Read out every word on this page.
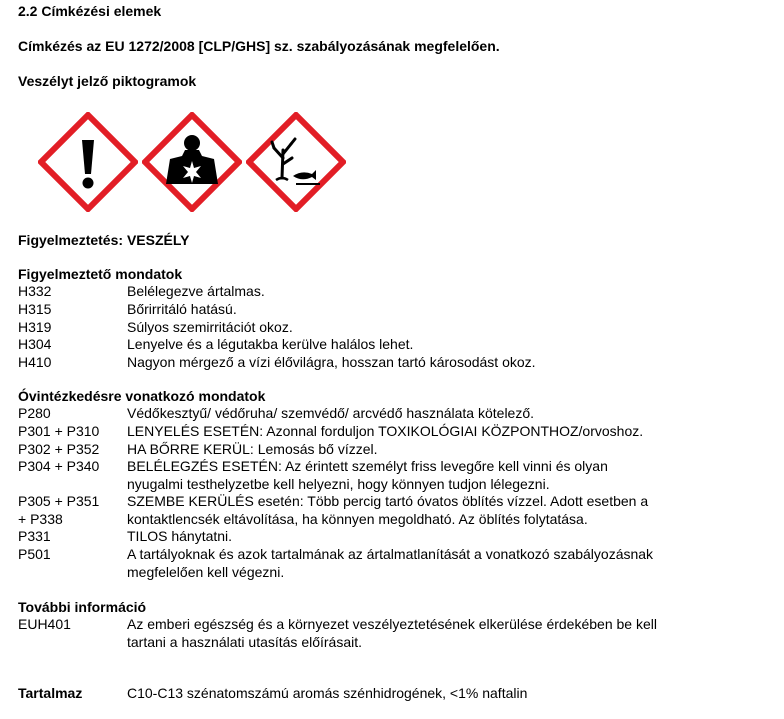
2.2 Címkézési elemek
Címkézés az EU 1272/2008 [CLP/GHS] sz. szabályozásának megfelelően.
Veszélyt jelző piktogramok
Figyelmeztetés: VESZÉLY
Figyelmeztető mondatok
H332	Belélegezve ártalmas.
H315	Bőrirritáló hatású.
H319	Súlyos szemirritációt okoz.
H304	Lenyelve és a légutakba kerülve halálos lehet.
H410	Nagyon mérgező a vízi élővilágra, hosszan tartó károsodást okoz.
Óvintézkedésre vonatkozó mondatok
P280	Védőkesztyű/ védőruha/ szemvédő/ arcvédő használata kötelező.
P301 + P310	LENYELÉS ESETÉN: Azonnal forduljon TOXIKOLÓGIAI KÖZPONTHOZ/orvoshoz.
P302 + P352	HA BŐRRE KERÜL: Lemosás bő vízzel.
P304 + P340	BELÉLEGZÉS ESETÉN: Az érintett személyt friss levegőre kell vinni és olyan
nyugalmi testhelyzetbe kell helyezni, hogy könnyen tudjon lélegezni.
P305 + P351	SZEMBE KERÜLÉS esetén: Több percig tartó óvatos öblítés vízzel. Adott esetben a
+ P338	kontaktlencsék eltávolítása, ha könnyen megoldható. Az öblítés folytatása.
P331	TILOS hánytatni.
P501	A tartályoknak és azok tartalmának az ártalmatlanítását a vonatkozó szabályozásnak
megfelelően kell végezni.
További információ
EUH401	Az emberi egészség és a környezet veszélyeztetésének elkerülése érdekében be kell
tartani a használati utasítás előírásait.
Tartalmaz	C10-C13 szénatomszámú aromás szénhidrogének, <1% naftalin
